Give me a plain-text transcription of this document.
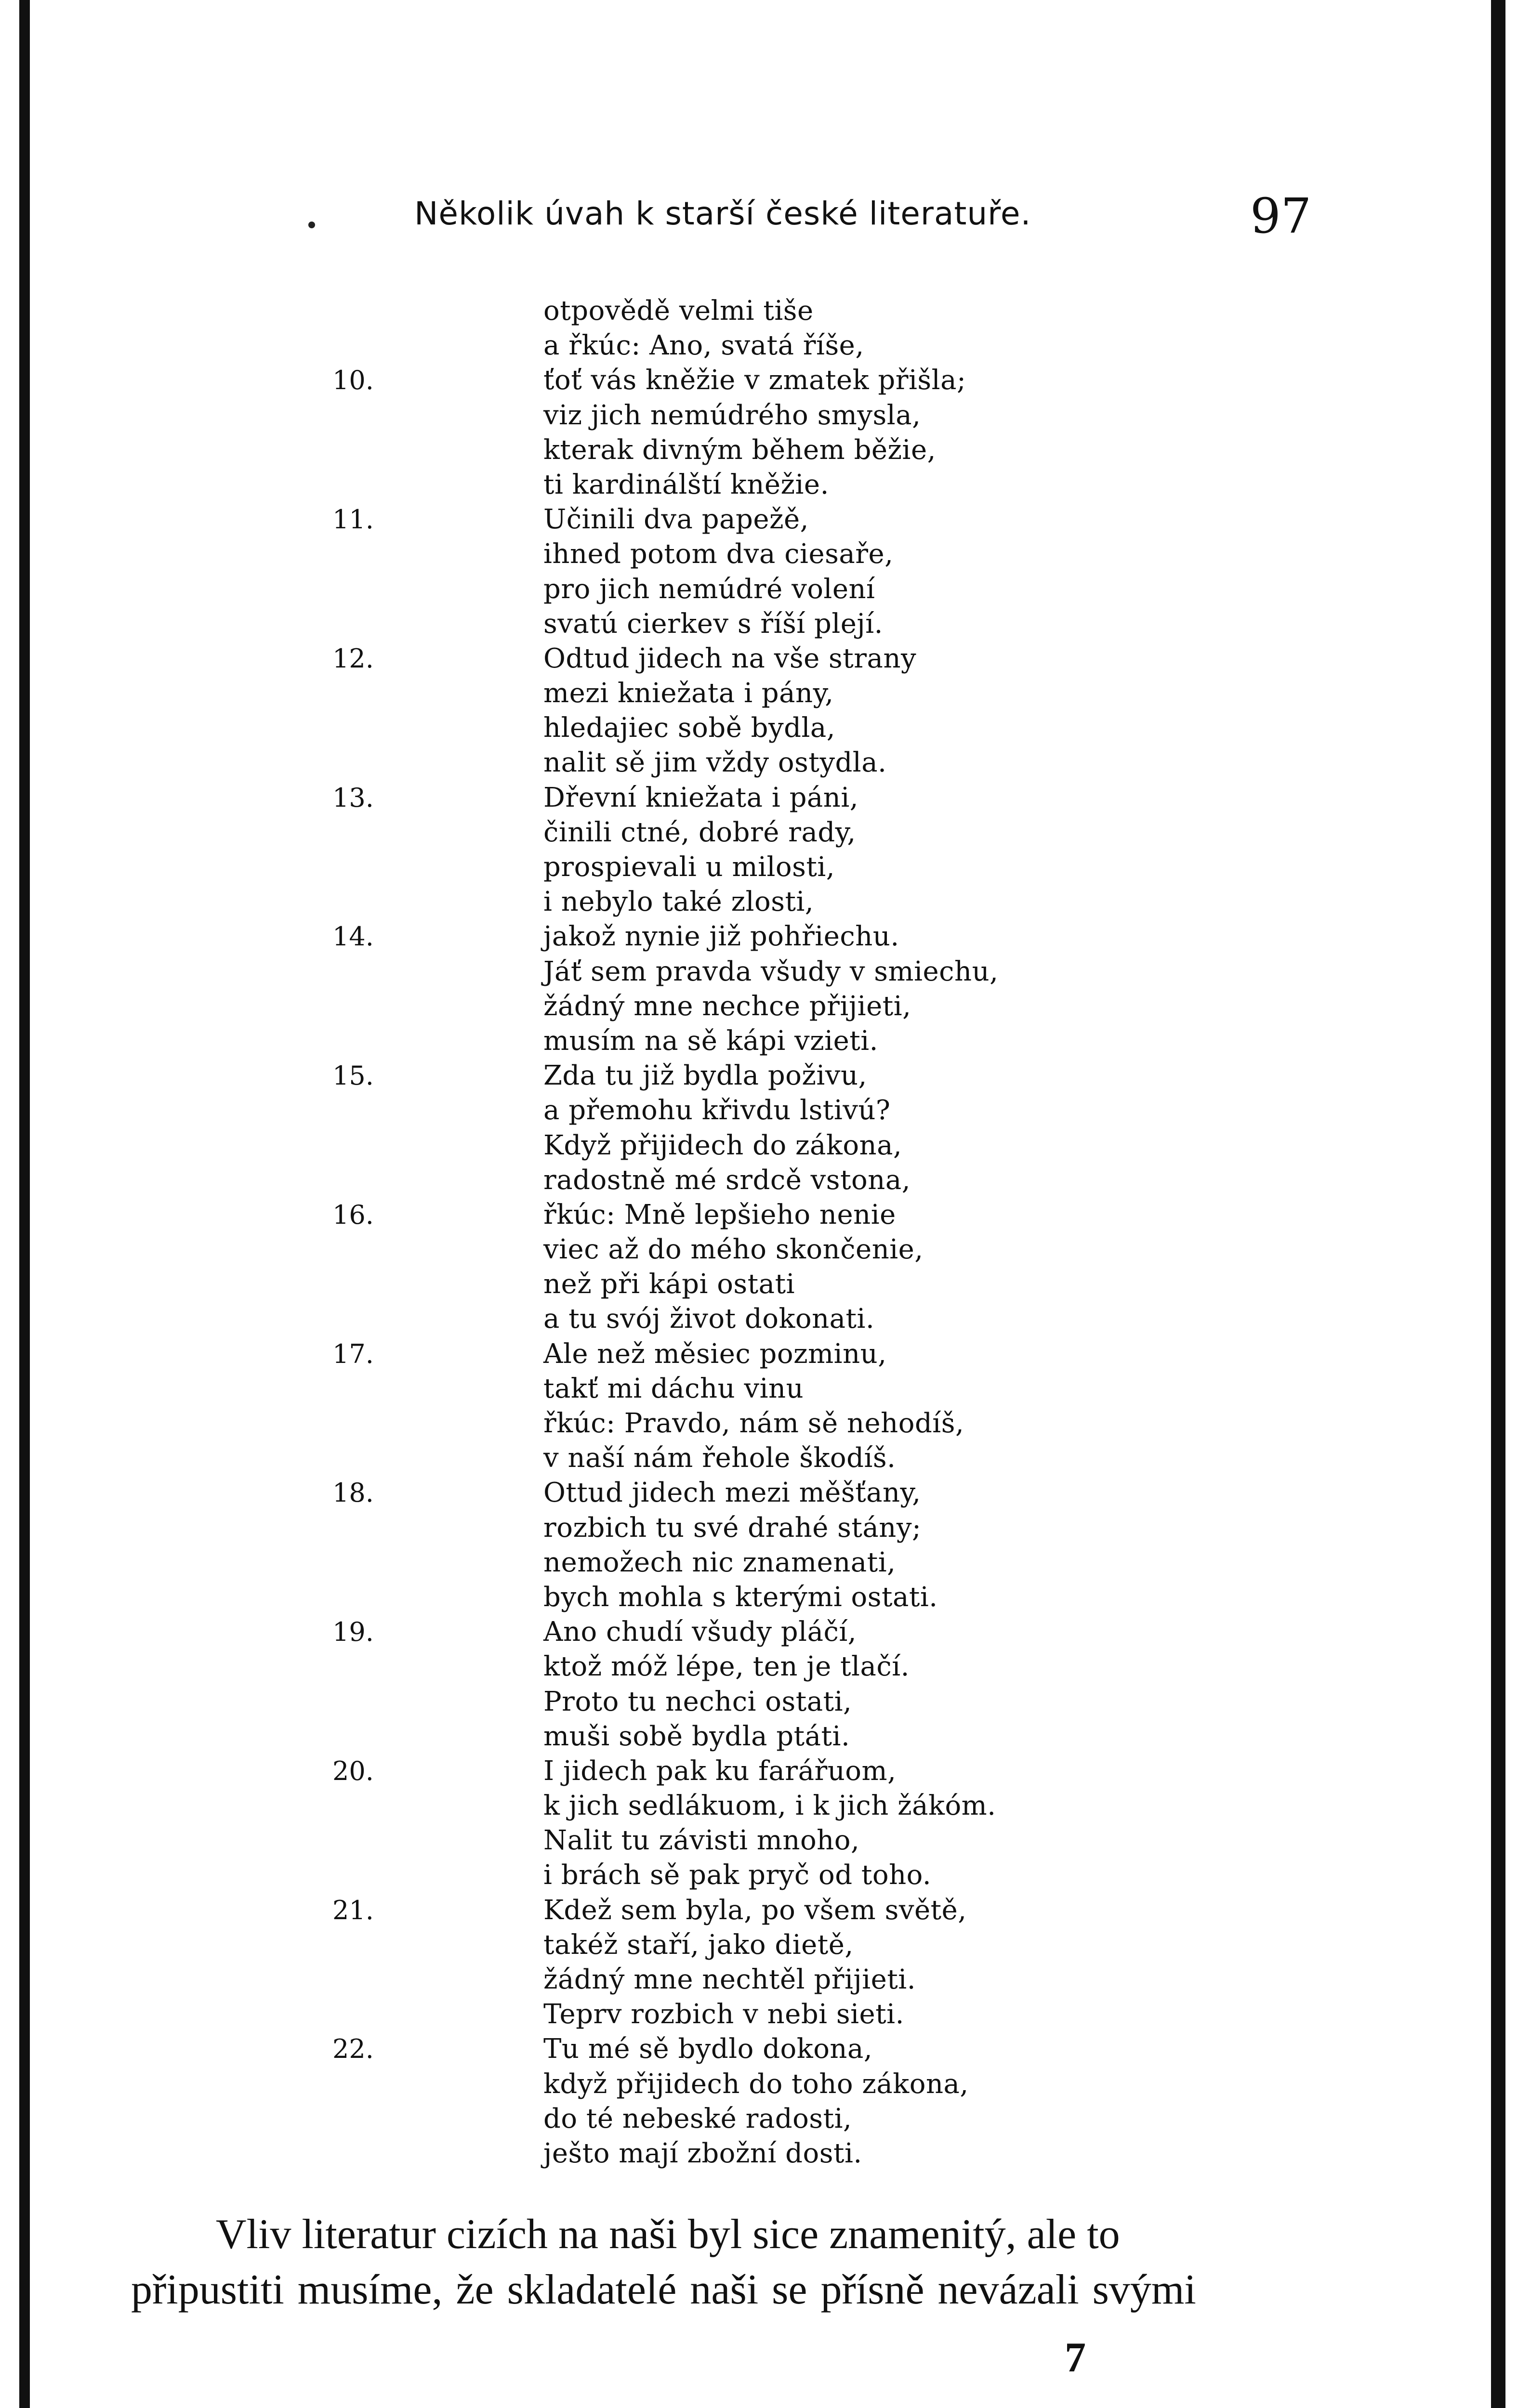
Několik úvah k starší české literatuře.	97
otpovědě velmi tiše
a řkúc: Ano, svatá říše,
10.	ťoť vás kněžie v zmatek přišla;
viz jich nemúdrého smysla,
kterak divným během běžie,
ti kardinálští kněžie.
11.	Učinili dva papežě,
ihned potom dva ciesaře,
pro jich nemúdré volení
svatú cierkev s říší plejí.
12.	Odtud jidech na vše strany
mezi kniežata i pány,
hledajiec sobě bydla,
nalit sě jim vždy ostydla.
13.	Dřevní kniežata i páni,
činili ctné, dobré rady,
prospievali u milosti,
i nebylo také zlosti,
14.	jakož nynie již pohřiechu.
Jáť sem pravda všudy v smiechu,
žádný mne nechce přijieti,
musím na sě kápi vzieti.
15.	Zda tu již bydla poživu,
a přemohu křivdu lstivú?
Když přijidech do zákona,
radostně mé srdcě vstona,
16.	řkúc: Mně lepšieho nenie
viec až do mého skončenie,
než při kápi ostati
a tu svój život dokonati.
17.	Ale než měsiec pozminu,
takť mi dáchu vinu
řkúc: Pravdo, nám sě nehodíš,
v naší nám řehole škodíš.
18.	Ottud jidech mezi měšťany,
rozbich tu své drahé stány;
nemožech nic znamenati,
bych mohla s kterými ostati.
19.	Ano chudí všudy pláčí,
ktož móž lépe, ten je tlačí.
Proto tu nechci ostati,
muši sobě bydla ptáti.
20.	I jidech pak ku farářuom,
k jich sedlákuom, i k jich žákóm.
Nalit tu závisti mnoho,
i brách sě pak pryč od toho.
21.	Kdež sem byla, po všem světě,
takéž staří, jako dietě,
žádný mne nechtěl přijieti.
Teprv rozbich v nebi sieti.
22.	Tu mé sě bydlo dokona,
když přijidech do toho zákona,
do té nebeské radosti,
ješto mají zbožní dosti.
Vliv literatur cizích na naši byl sice znamenitý, ale to
připustiti musíme, že skladatelé naši se přísně nevázali svými
7
